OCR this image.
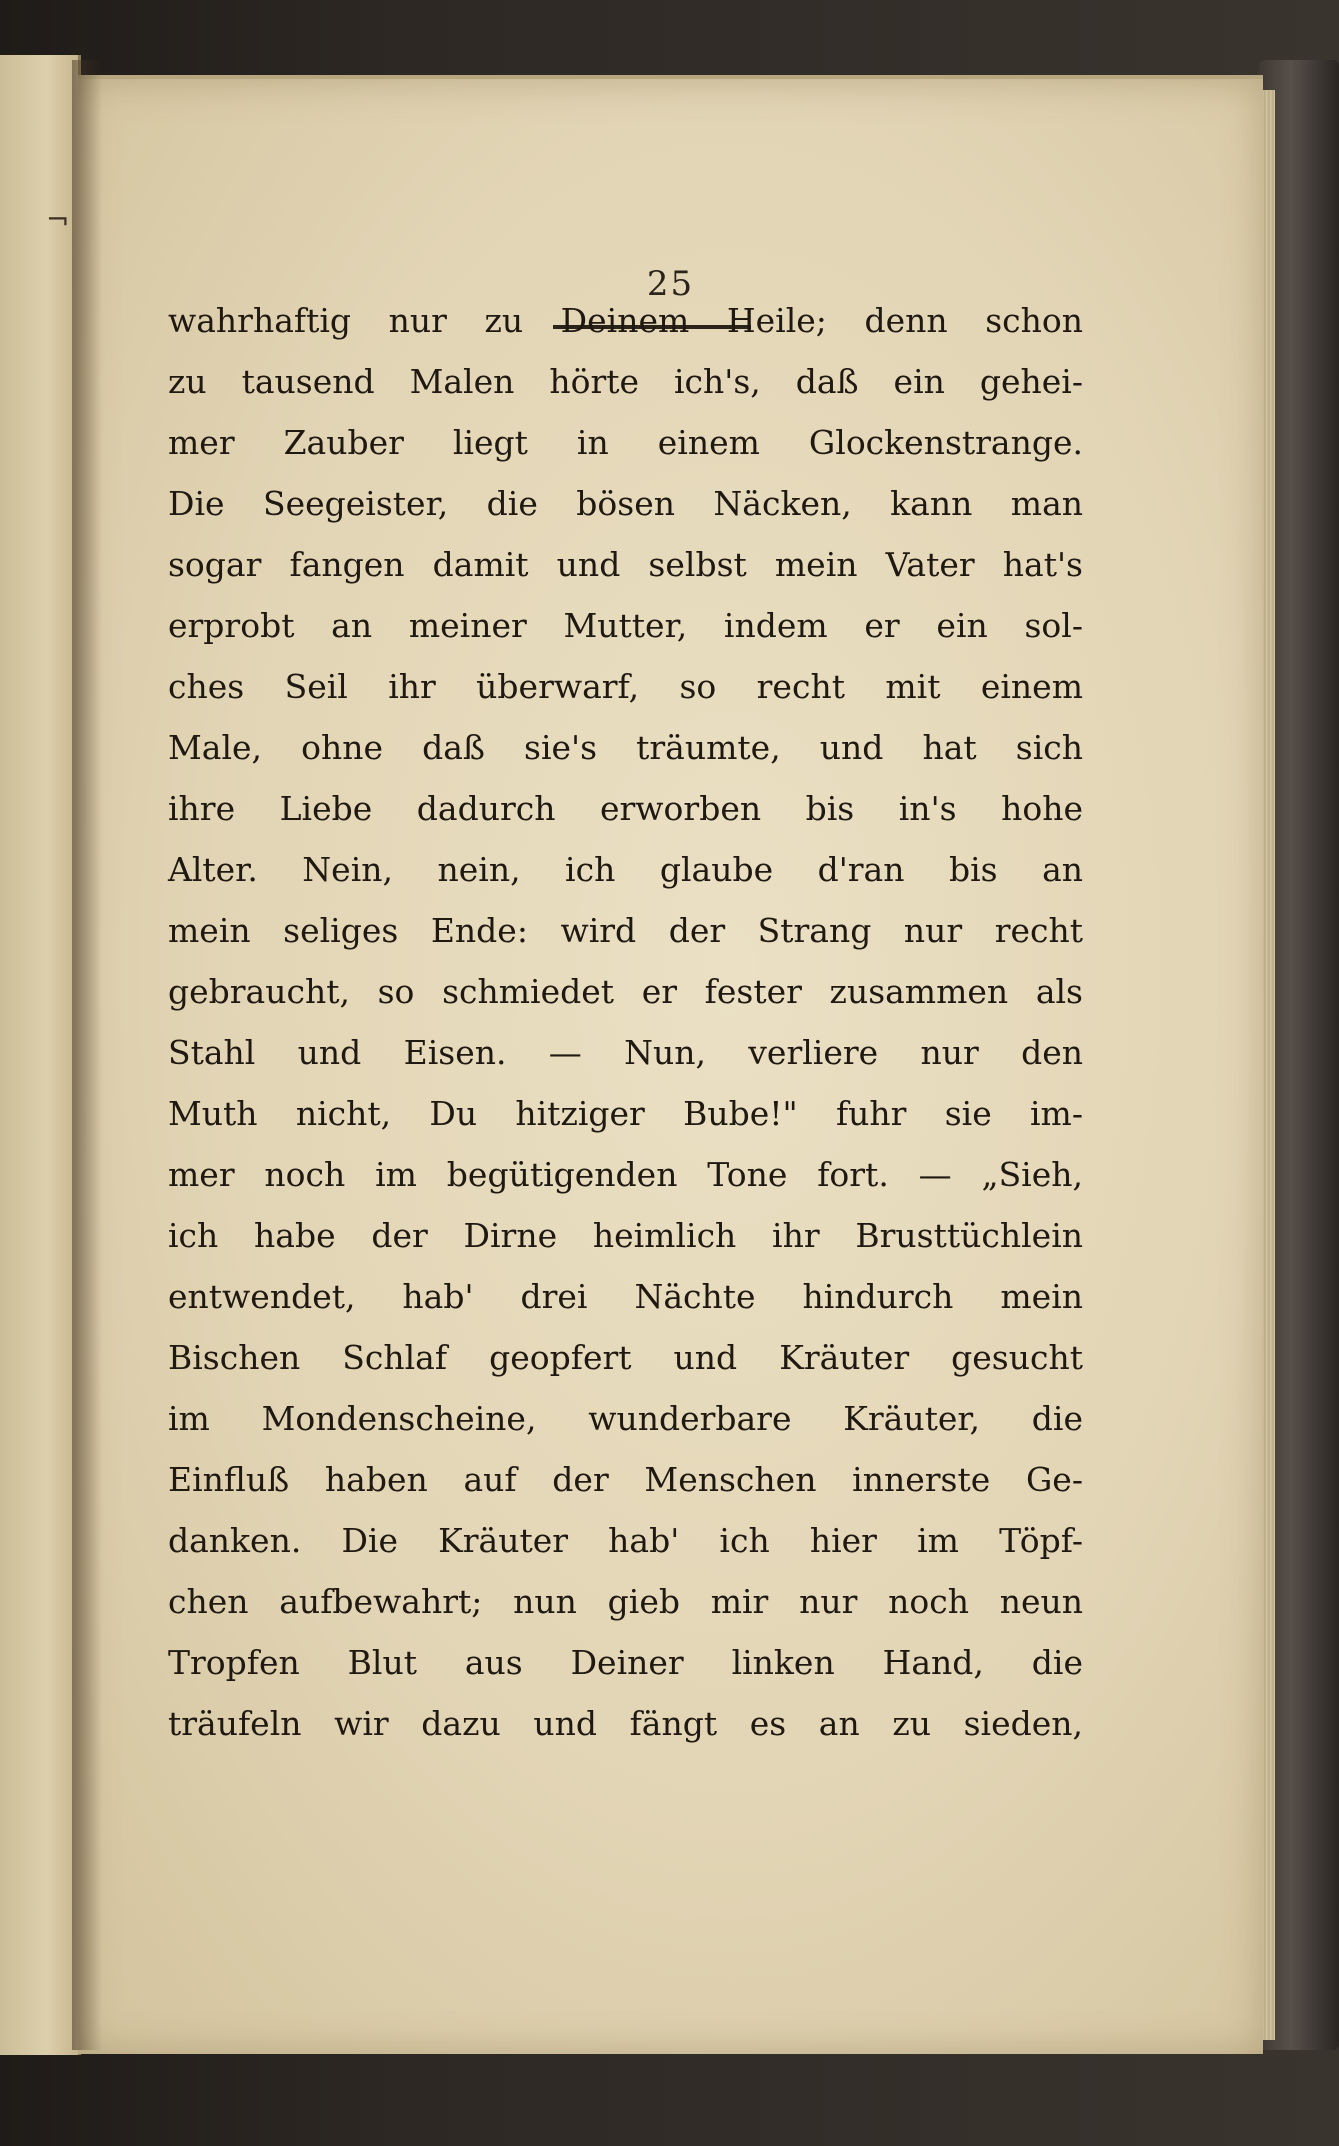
¬
25
wahrhaftig nur zu Deinem Heile; denn schon
zu tausend Malen hörte ich's, daß ein gehei-
mer Zauber liegt in einem Glockenstrange.
Die Seegeister, die bösen Näcken, kann man
sogar fangen damit und selbst mein Vater hat's
erprobt an meiner Mutter, indem er ein sol-
ches Seil ihr überwarf, so recht mit einem
Male, ohne daß sie's träumte, und hat sich
ihre Liebe dadurch erworben bis in's hohe
Alter. Nein, nein, ich glaube d'ran bis an
mein seliges Ende: wird der Strang nur recht
gebraucht, so schmiedet er fester zusammen als
Stahl und Eisen. — Nun, verliere nur den
Muth nicht, Du hitziger Bube!" fuhr sie im-
mer noch im begütigenden Tone fort. — „Sieh,
ich habe der Dirne heimlich ihr Brusttüchlein
entwendet, hab' drei Nächte hindurch mein
Bischen Schlaf geopfert und Kräuter gesucht
im Mondenscheine, wunderbare Kräuter, die
Einfluß haben auf der Menschen innerste Ge-
danken. Die Kräuter hab' ich hier im Töpf-
chen aufbewahrt; nun gieb mir nur noch neun
Tropfen Blut aus Deiner linken Hand, die
träufeln wir dazu und fängt es an zu sieden,
